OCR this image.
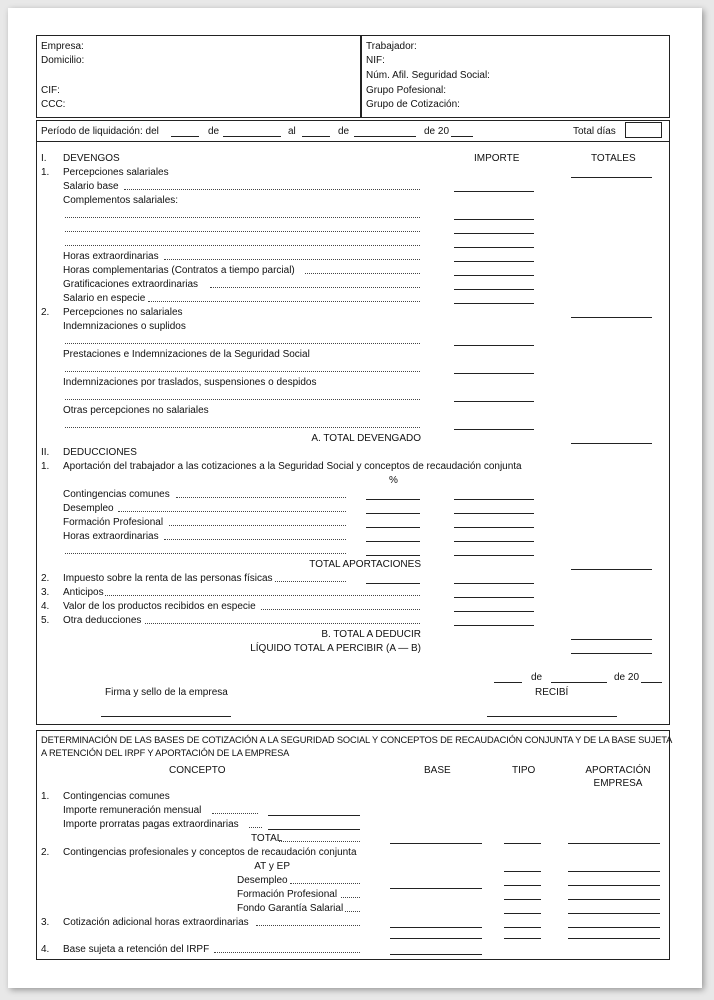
Empresa:
Domicilio:
CIF:
CCC:
Trabajador:
NIF:
Núm. Afil. Seguridad Social:
Grupo Pofesional:
Grupo de Cotización:
Período de liquidación: del	de	al	de	de 20	Total días
I. DEVENGOS	IMPORTE	TOTALES
1. Percepciones salariales
Salario base
Complementos salariales:
Horas extraordinarias
Horas complementarias (Contratos a tiempo parcial)
Gratificaciones extraordinarias
Salario en especie
2. Percepciones no salariales
Indemnizaciones o suplidos
Prestaciones e Indemnizaciones de la Seguridad Social
Indemnizaciones por traslados, suspensiones o despidos
Otras percepciones no salariales
A. TOTAL DEVENGADO
II. DEDUCCIONES
1. Aportación del trabajador a las cotizaciones a la Seguridad Social y conceptos de recaudación conjunta
%
Contingencias comunes
Desempleo
Formación Profesional
Horas extraordinarias
TOTAL APORTACIONES
2. Impuesto sobre la renta de las personas físicas
3. Anticipos
4. Valor de los productos recibidos en especie
5. Otra deducciones
B. TOTAL A DEDUCIR
LÍQUIDO TOTAL A PERCIBIR (A — B)
de	de 20
Firma y sello de la empresa	RECIBÍ
DETERMINACIÓN DE LAS BASES DE COTIZACIÓN A LA SEGURIDAD SOCIAL Y CONCEPTOS DE RECAUDACIÓN CONJUNTA Y DE LA BASE SUJETA
A RETENCIÓN DEL IRPF Y APORTACIÓN DE LA EMPRESA
CONCEPTO	BASE	TIPO	APORTACIÓN
EMPRESA
1. Contingencias comunes
Importe remuneración mensual
Importe prorratas pagas extraordinarias
TOTAL
2. Contingencias profesionales y conceptos de recaudación conjunta
AT y EP
Desempleo
Formación Profesional
Fondo Garantía Salarial
3. Cotización adicional horas extraordinarias
4. Base sujeta a retención del IRPF
